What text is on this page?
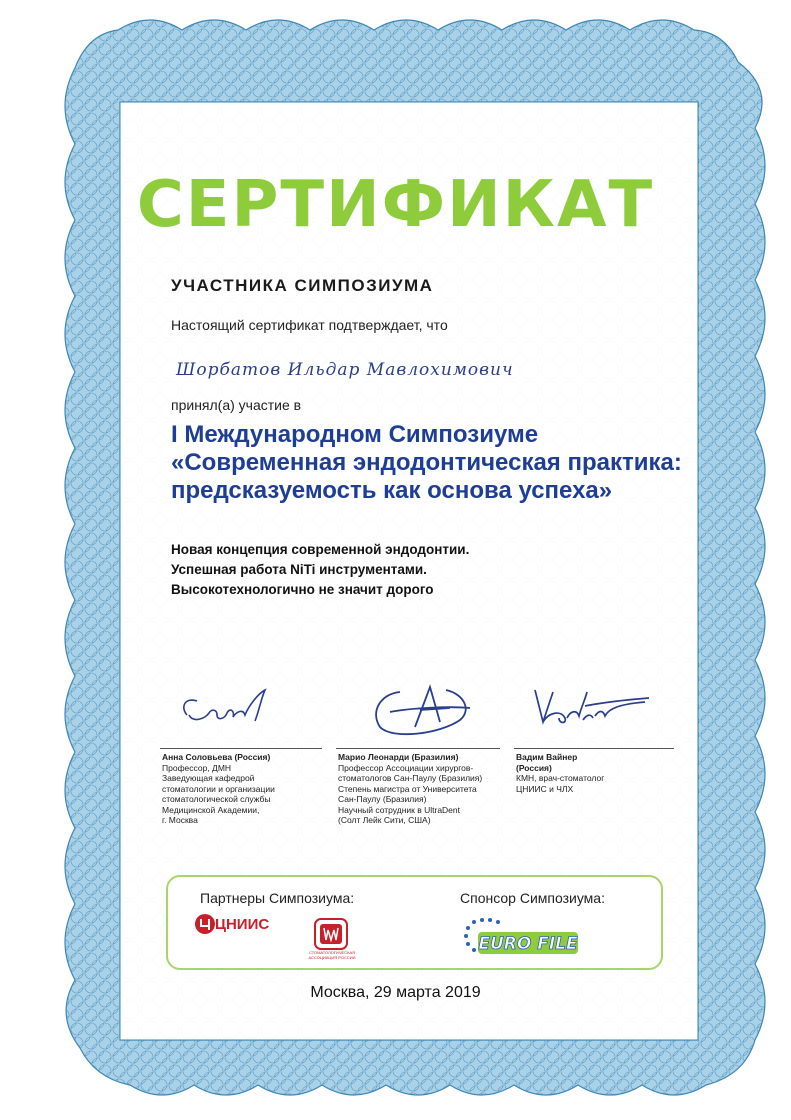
СЕРТИФИКАТ
УЧАСТНИКА СИМПОЗИУМА
Настоящий сертификат подтверждает, что
Шорбатов Ильдар Мавлохимович
принял(а) участие в
I Международном Симпозиуме «Современная эндодонтическая практика: предсказуемость как основа успеха»
Новая концепция современной эндодонтии.
Успешная работа NiTi инструментами.
Высокотехнологично не значит дорого
Анна Соловьева (Россия)
Профессор, ДМН
Заведующая кафедрой
стоматологии и организации
стоматологической службы
Медицинской Академии,
г. Москва
Марио Леонарди (Бразилия)
Профессор Ассоциации хирургов-
стоматологов Сан-Паулу (Бразилия)
Степень магистра от Университета
Сан-Паулу (Бразилия)
Научный сотрудник в UltraDent
(Солт Лейк Сити, США)
Вадим Вайнер
(Россия)
КМН, врач-стоматолог
ЦНИИС и ЧЛХ
Партнеры Симпозиума:	Спонсор Симпозиума:
ЦНИИС
СТОМАТОЛОГИЧЕСКАЯ АССОЦИАЦИЯ РОССИИ
EURO FILE
Москва, 29 марта 2019
